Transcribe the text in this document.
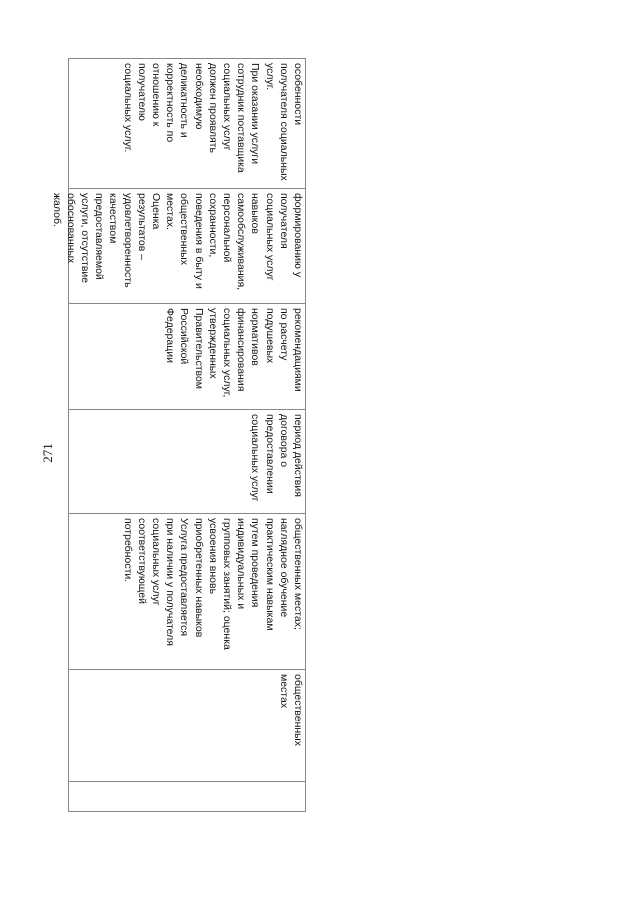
271
особенности
получателя социальных
услуг.
При оказании услуги
сотрудник поставщика
социальных услуг
должен проявлять
необходимую
деликатность и
корректность по
отношению к
получателю
социальных услуг.
формированию у
получателя
социальных услуг
навыков
самообслуживания,
персональной
сохранности,
поведения в быту и
общественных
местах.
Оценка
результатов –
удовлетворенность
качеством
предоставляемой
услуги, отсутствие
обоснованных
жалоб.
рекомендациями
по расчету
подушевых
нормативов
финансирования
социальных услуг,
утвержденных
Правительством
Российской
Федерации
период действия
договора о
предоставлении
социальных услуг
общественных местах;
наглядное обучение
практическим навыкам
путем проведения
индивидуальных и
групповых занятий; оценка
усвоения вновь
приобретенных навыков
Услуга предоставляется
при наличии у получателя
социальных услуг
соответствующей
потребности.
общественных
местах
